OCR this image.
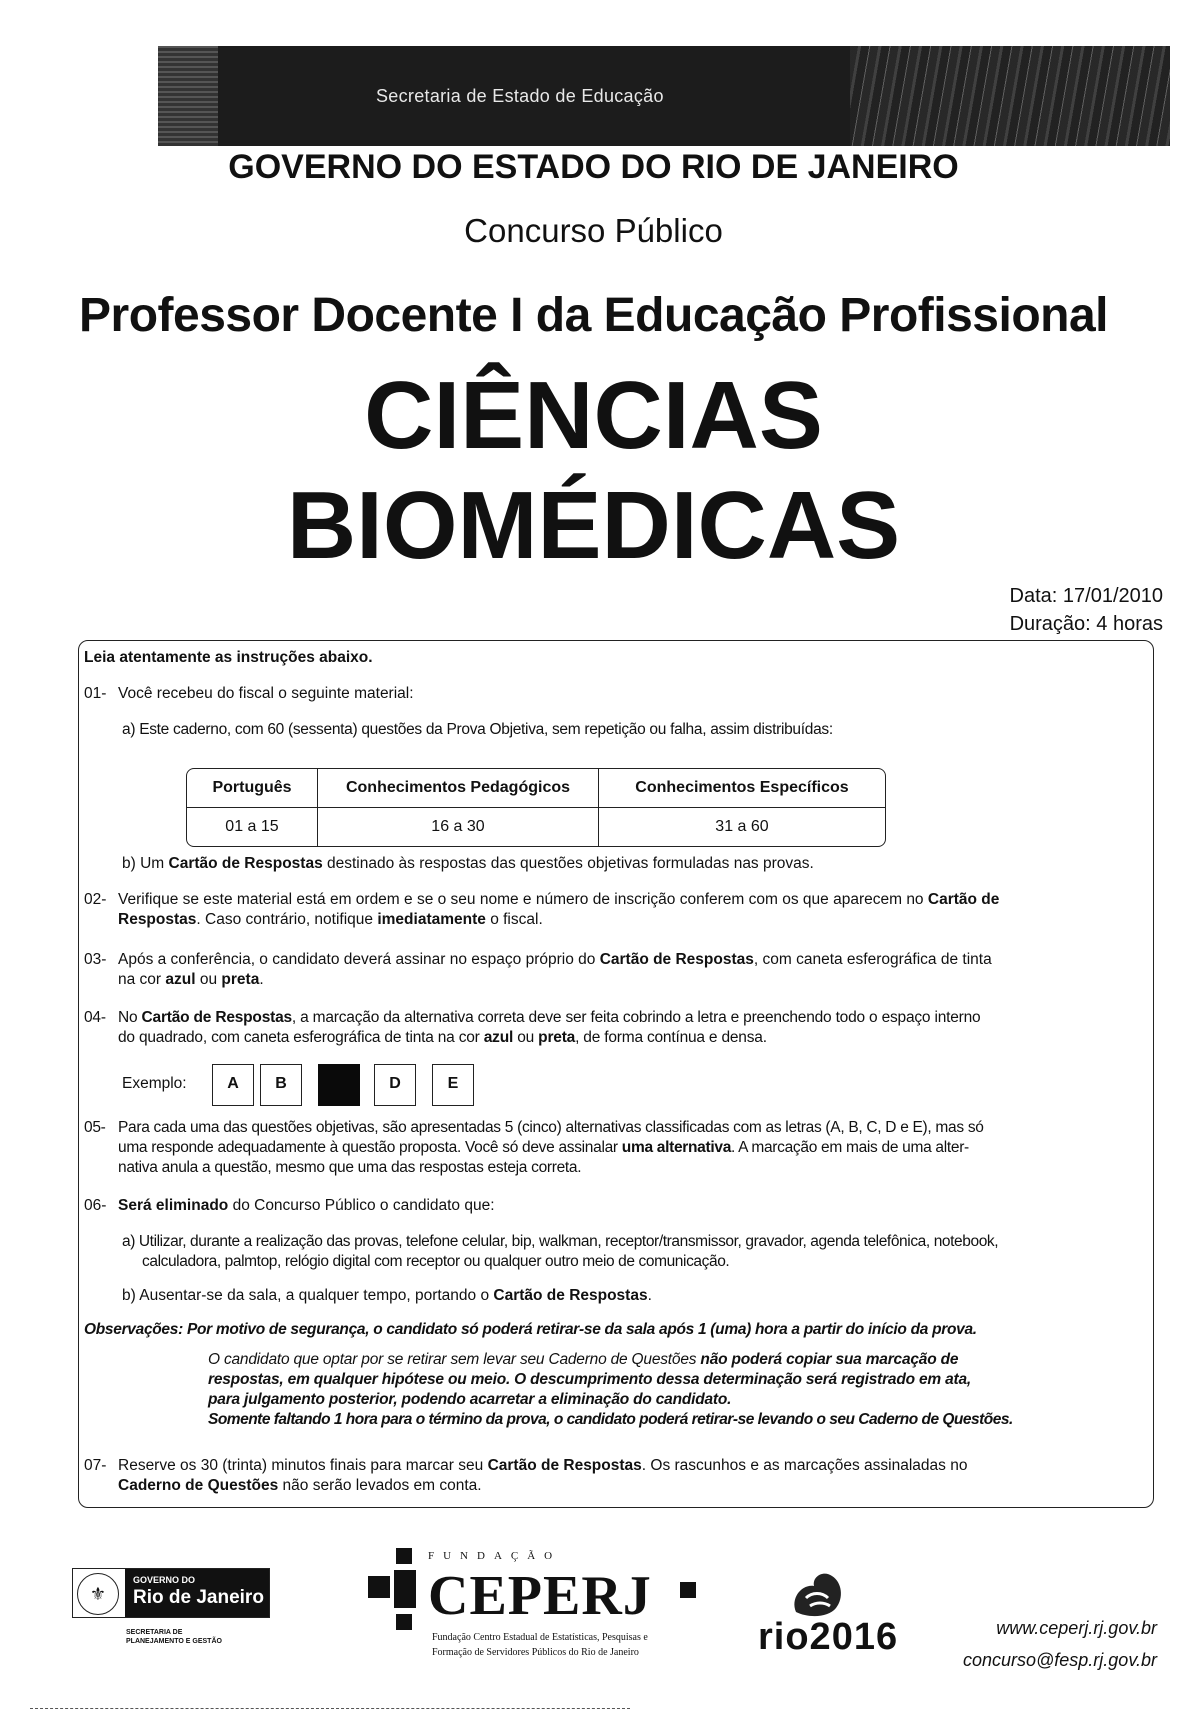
Secretaria de Estado de Educação
GOVERNO DO ESTADO DO RIO DE JANEIRO
Concurso Público
Professor Docente I da Educação Profissional
CIÊNCIAS
BIOMÉDICAS
Data: 17/01/2010
Duração: 4 horas
Leia atentamente as instruções abaixo.
01- Você recebeu do fiscal o seguinte material:
a) Este caderno, com 60 (sessenta) questões da Prova Objetiva, sem repetição ou falha, assim distribuídas:
Português	Conhecimentos Pedagógicos	Conhecimentos Específicos
01 a 15	16 a 30	31 a 60
b) Um Cartão de Respostas destinado às respostas das questões objetivas formuladas nas provas.
02- Verifique se este material está em ordem e se o seu nome e número de inscrição conferem com os que aparecem no Cartão de
Respostas. Caso contrário, notifique imediatamente o fiscal.
03- Após a conferência, o candidato deverá assinar no espaço próprio do Cartão de Respostas, com caneta esferográfica de tinta
na cor azul ou preta.
04- No Cartão de Respostas, a marcação da alternativa correta deve ser feita cobrindo a letra e preenchendo todo o espaço interno
do quadrado, com caneta esferográfica de tinta na cor azul ou preta, de forma contínua e densa.
Exemplo:	A	B	D	E
05- Para cada uma das questões objetivas, são apresentadas 5 (cinco) alternativas classificadas com as letras (A, B, C, D e E), mas só
uma responde adequadamente à questão proposta. Você só deve assinalar uma alternativa. A marcação em mais de uma alter-
nativa anula a questão, mesmo que uma das respostas esteja correta.
06- Será eliminado do Concurso Público o candidato que:
a) Utilizar, durante a realização das provas, telefone celular, bip, walkman, receptor/transmissor, gravador, agenda telefônica, notebook,
calculadora, palmtop, relógio digital com receptor ou qualquer outro meio de comunicação.
b) Ausentar-se da sala, a qualquer tempo, portando o Cartão de Respostas.
Observações: Por motivo de segurança, o candidato só poderá retirar-se da sala após 1 (uma) hora a partir do início da prova.
O candidato que optar por se retirar sem levar seu Caderno de Questões não poderá copiar sua marcação de
respostas, em qualquer hipótese ou meio. O descumprimento dessa determinação será registrado em ata,
para julgamento posterior, podendo acarretar a eliminação do candidato.
Somente faltando 1 hora para o término da prova, o candidato poderá retirar-se levando o seu Caderno de Questões.
07- Reserve os 30 (trinta) minutos finais para marcar seu Cartão de Respostas. Os rascunhos e as marcações assinaladas no
Caderno de Questões não serão levados em conta.
⚜
GOVERNO DO
Rio de Janeiro
SECRETARIA DE
PLANEJAMENTO E GESTÃO
FUNDAÇÃO
CEPERJ
Fundação Centro Estadual de Estatísticas, Pesquisas e
Formação de Servidores Públicos do Rio de Janeiro	rio2016	www.ceperj.rj.gov.br
concurso@fesp.rj.gov.br
